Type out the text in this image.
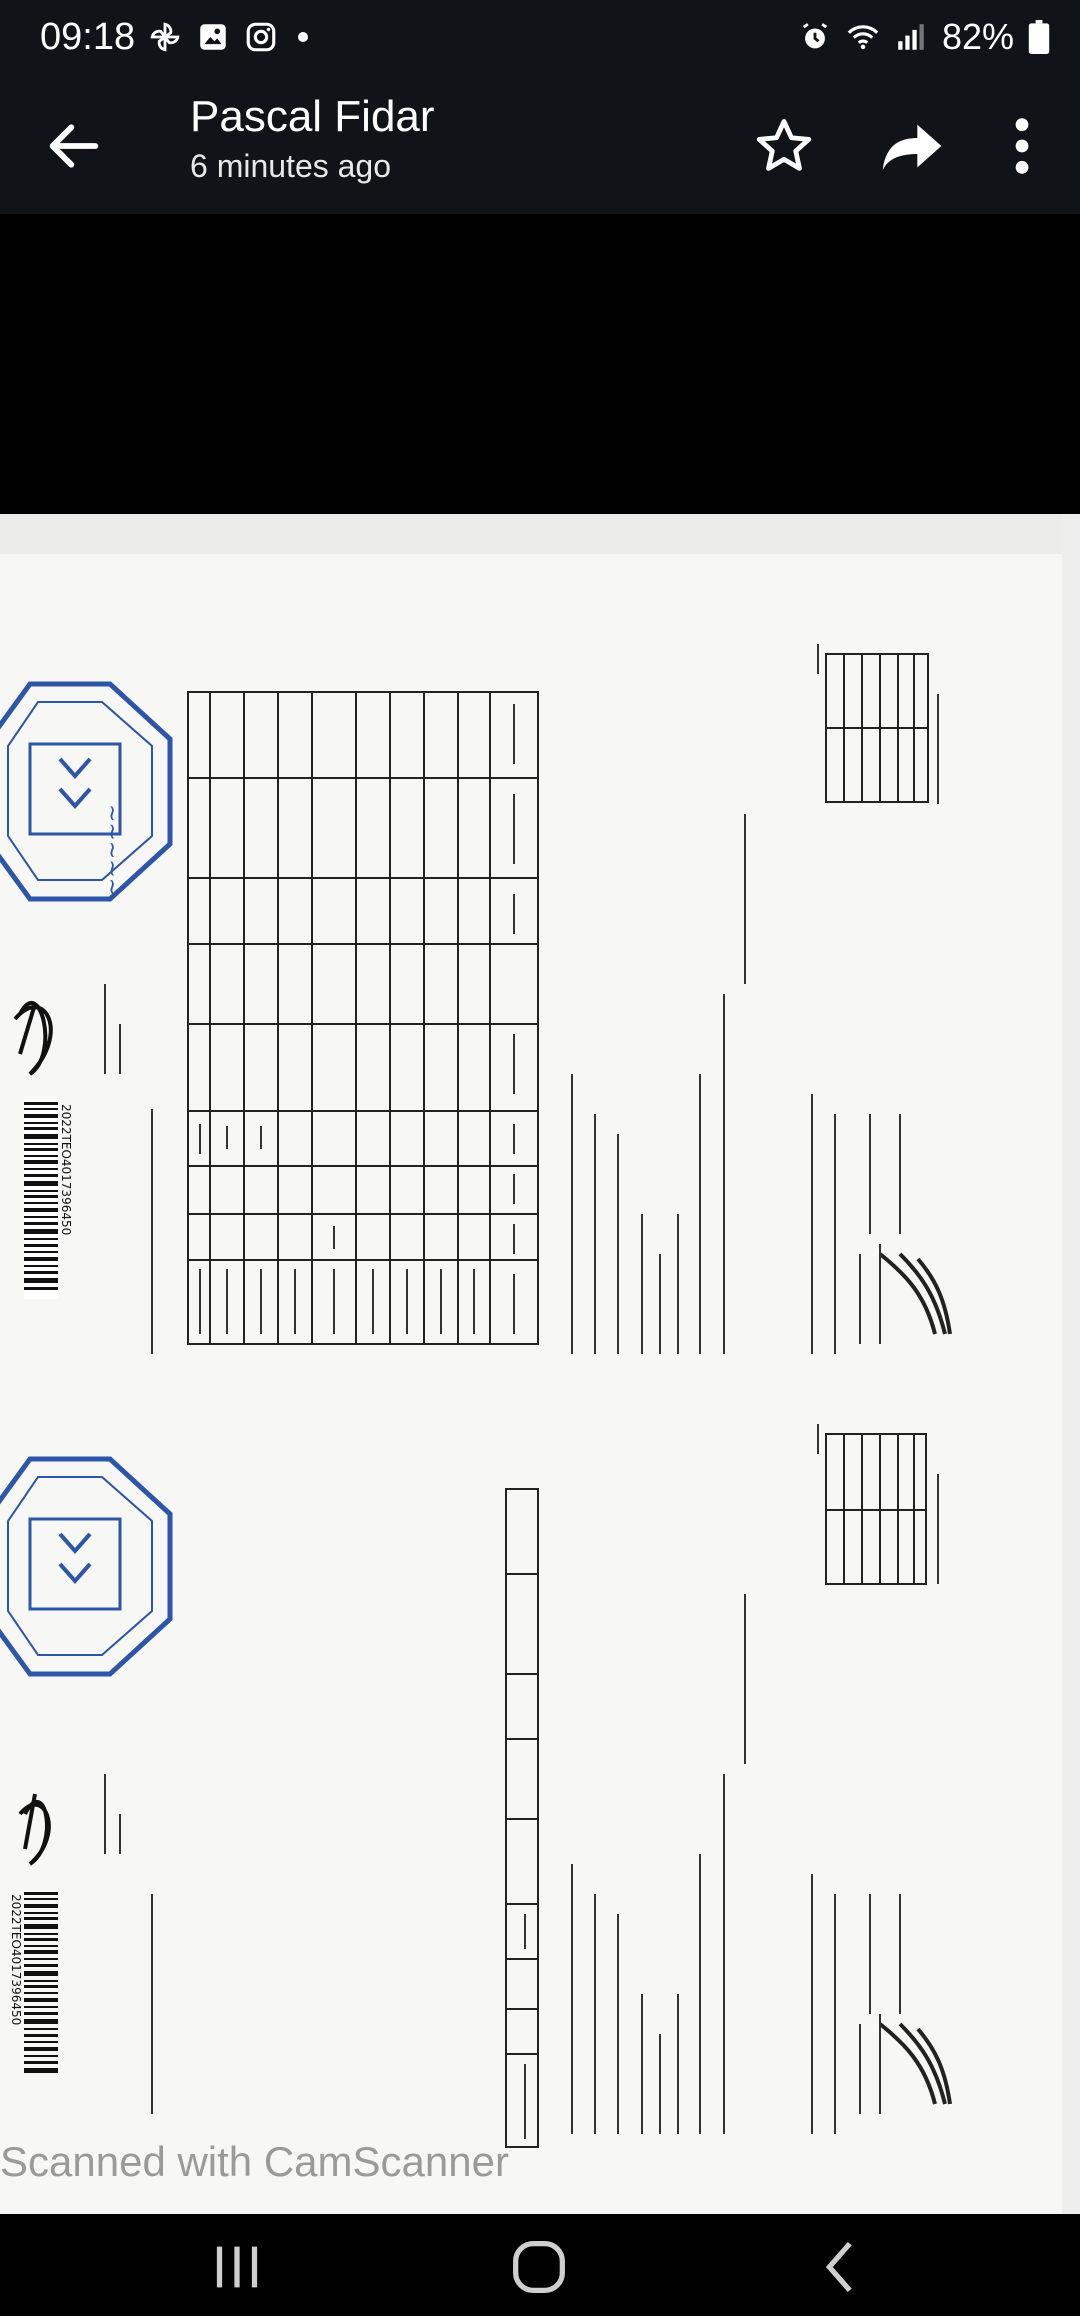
09:18	82%
Pascal Fidar
6 minutes ago
~~~~~
2022TEO4017396450
2022TEO4017396450
Scanned with CamScanner
